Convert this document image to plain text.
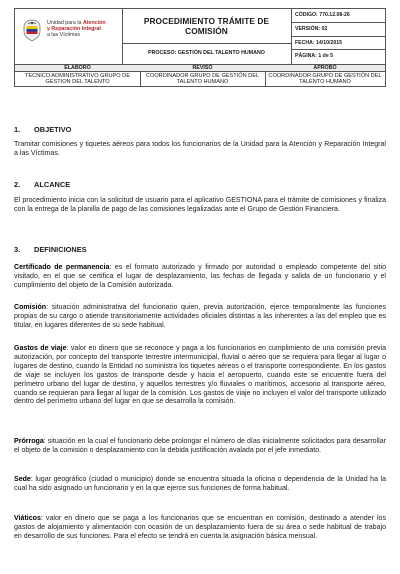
Unidad para la Atención
y Reparación Integral
a las Víctimas
PROCEDIMIENTO TRÁMITE DE COMISIÓN
PROCESO: GESTIÓN DEL TALENTO HUMANO
CÓDIGO: 770.12.08-26
VERSIÓN: 02
FECHA: 14/10/2015
PÁGINA: 1 de 5
ELABORÓ
TECNICO ADMINISTRATIVO GRUPO DE GESTION DEL TALENTO
REVISÓ
COORDINADOR GRUPO DE GESTIÓN DEL TALENTO HUMANO
APROBÓ
COORDINADOR GRUPO DE GESTIÓN DEL TALENTO HUMANO
1. OBJETIVO
Tramitar comisiones y tiquetes aéreos para todos los funcionarios de la Unidad para la Atención y Reparación Integral a las Víctimas.
2. ALCANCE
El procedimiento inicia con la solicitud de usuario para el aplicativo GESTIONA para el trámite de comisiones y finaliza con la entrega de la planilla de pago de las comisiones legalizadas ante el Grupo de Gestión Financiera.
3. DEFINICIONES
Certificado de permanencia: es el formato autorizado y firmado por autoridad o empleado competente del sitio visitado, en el que se certifica el lugar de desplazamiento, las fechas de llegada y salida de un funcionario y el cumplimiento del objeto de la Comisión autorizada.
Comisión: situación administrativa del funcionario quien, previa autorización, ejerce temporalmente las funciones propias de su cargo o atiende transitoriamente actividades oficiales distintas a las inherentes a las del empleo que es titular, en lugares diferentes de su sede habitual.
Gastos de viaje: valor en dinero que se reconoce y paga a los funcionarios en cumplimiento de una comisión previa autorización, por concepto del transporte terrestre intermunicipal, fluvial o aéreo que se requiera para llegar al lugar o lugares de destino, cuando la Entidad no suministra los tiquetes aéreos o el transporte correspondiente. En los gastos de viaje se incluyen los gastos de transporte desde y hacia el aeropuerto, cuando este se encuentre fuera del perímetro urbano del lugar de destino, y aquellos terrestres y/o fluviales o marítimos, accesorio al transporte aéreo, cuando se requieran para llegar al lugar de la comisión. Los gastos de viaje no incluyen el valor del transporte utilizado dentro del perímetro urbano del lugar en que se desarrolla la comisión.
Prórroga: situación en la cual el funcionario debe prolongar el número de días inicialmente solicitados para desarrollar el objeto de la comisión o desplazamiento con la debida justificación avalada por el jefe inmediato.
Sede: lugar geográfico (ciudad o municipio) donde se encuentra situada la oficina o dependencia de la Unidad ha la cual ha sido asignado un funcionario y en la que ejerce sus funciones de forma habitual.
Viáticos: valor en dinero que se paga a los funcionarios que se encuentran en comisión, destinado a atender los gastos de alojamiento y alimentación con ocasión de un desplazamiento fuera de su área o sede habitual de trabajo en desarrollo de sus funciones. Para el efecto se tendrá en cuenta la asignación básica mensual.
